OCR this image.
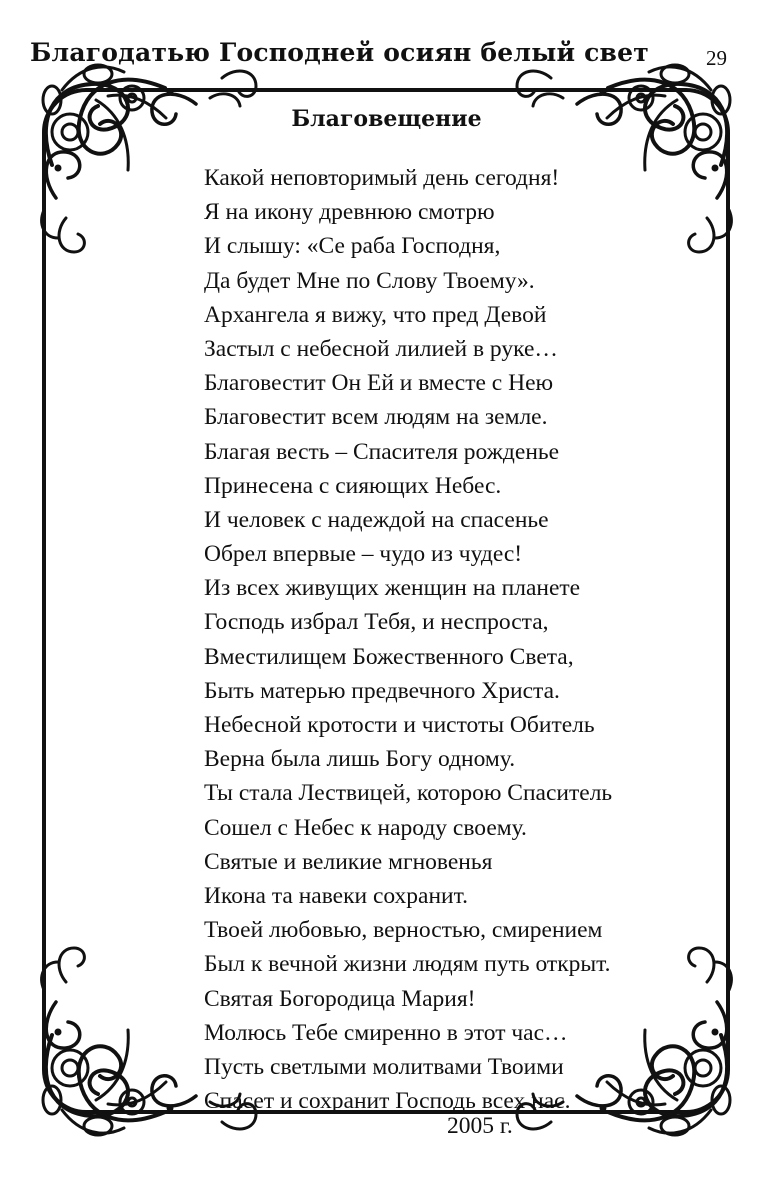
Благодатью Господней осиян белый свет	29
Благовещение
Какой неповторимый день сегодня!
Я на икону древнюю смотрю
И слышу: «Се раба Господня,
Да будет Мне по Слову Твоему».
Архангела я вижу, что пред Девой
Застыл с небесной лилией в руке…
Благовестит Он Ей и вместе с Нею
Благовестит всем людям на земле.
Благая весть – Спасителя рожденье
Принесена с сияющих Небес.
И человек с надеждой на спасенье
Обрел впервые – чудо из чудес!
Из всех живущих женщин на планете
Господь избрал Тебя, и неспроста,
Вместилищем Божественного Света,
Быть матерью предвечного Христа.
Небесной кротости и чистоты Обитель
Верна была лишь Богу одному.
Ты стала Лествицей, которою Спаситель
Сошел с Небес к народу своему.
Святые и великие мгновенья
Икона та навеки сохранит.
Твоей любовью, верностью, смирением
Был к вечной жизни людям путь открыт.
Святая Богородица Мария!
Молюсь Тебе смиренно в этот час…
Пусть светлыми молитвами Твоими
Спасет и сохранит Господь всех нас.
2005 г.
